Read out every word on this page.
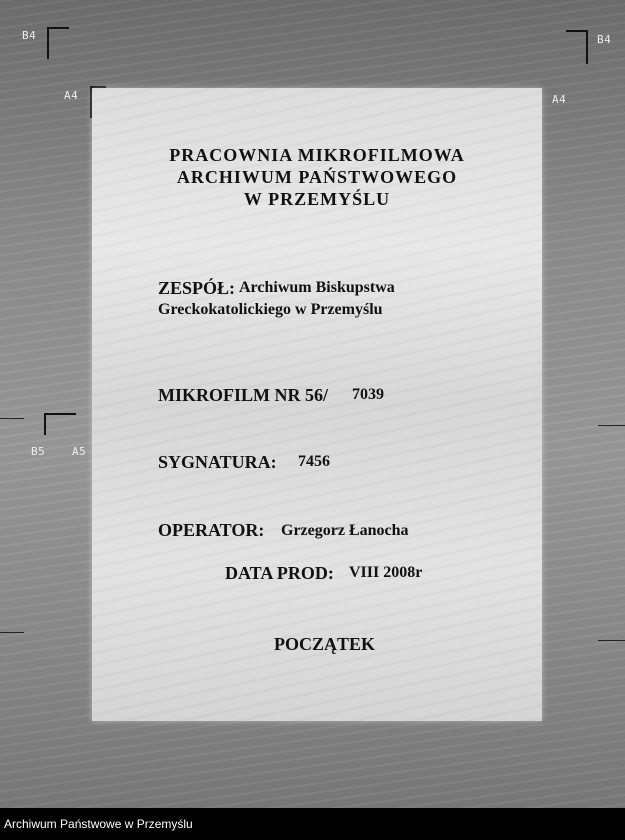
B4	B4
A4	A4
B5 A5
PRACOWNIA MIKROFILMOWA
ARCHIWUM PAŃSTWOWEGO
W PRZEMYŚLU
ZESPÓŁ: Archiwum Biskupstwa
Greckokatolickiego w Przemyślu
MIKROFILM NR 56/ 7039
SYGNATURA: 7456
OPERATOR: Grzegorz Łanocha
DATA PROD: VIII 2008r
POCZĄTEK
Archiwum Państwowe w Przemyślu
